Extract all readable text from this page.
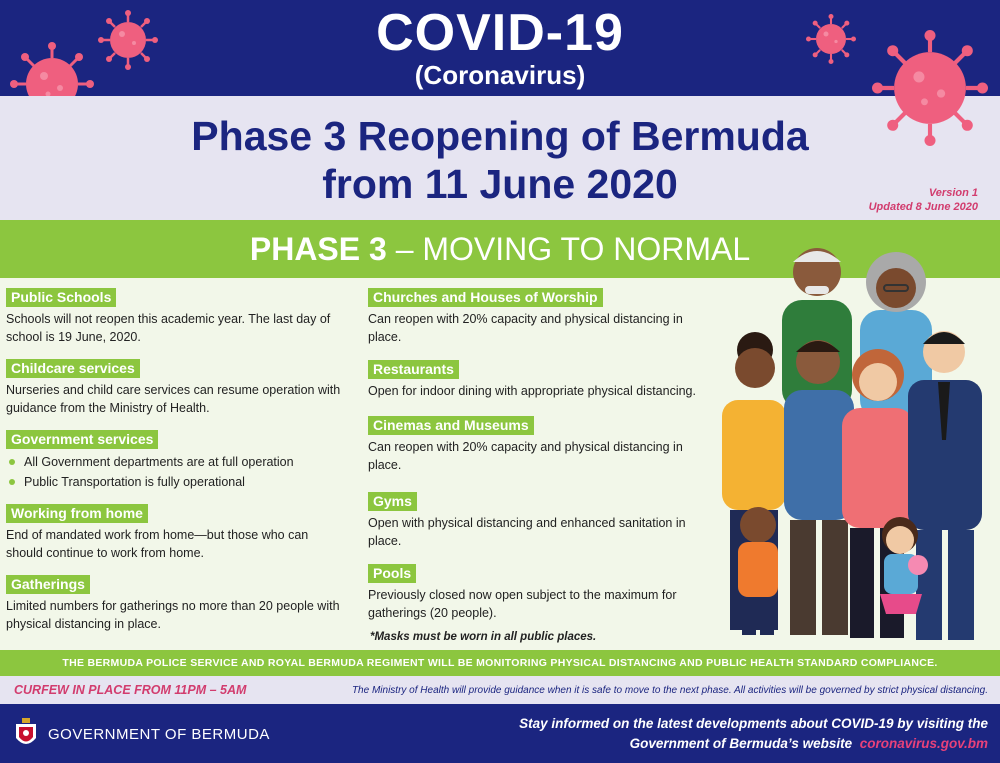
COVID-19
(Coronavirus)
Phase 3 Reopening of Bermuda
from 11 June 2020	Version 1
Updated 8 June 2020
PHASE 3 – MOVING TO NORMAL
Public Schools
Schools will not reopen this academic year. The last day of school is 19 June, 2020.
Childcare services
Nurseries and child care services can resume operation with guidance from the Ministry of Health.
Government services
All Government departments are at full operation
Public Transportation is fully operational
Working from home
End of mandated work from home—but those who can should continue to work from home.
Gatherings
Limited numbers for gatherings no more than 20 people with physical distancing in place.
Churches and Houses of Worship
Can reopen with 20% capacity and physical distancing in place.
Restaurants
Open for indoor dining with appropriate physical distancing.
Cinemas and Museums
Can reopen with 20% capacity and physical distancing in place.
Gyms
Open with physical distancing and enhanced sanitation in place.
Pools
Previously closed now open subject to the maximum for gatherings (20 people).
*Masks must be worn in all public places.
THE BERMUDA POLICE SERVICE AND ROYAL BERMUDA REGIMENT WILL BE MONITORING PHYSICAL DISTANCING AND PUBLIC HEALTH STANDARD COMPLIANCE.
CURFEW IN PLACE FROM 11PM – 5AM	The Ministry of Health will provide guidance when it is safe to move to the next phase. All activities will be governed by strict physical distancing.
GOVERNMENT OF BERMUDA
Stay informed on the latest developments about COVID-19 by visiting the
Government of Bermuda’s website coronavirus.gov.bm
